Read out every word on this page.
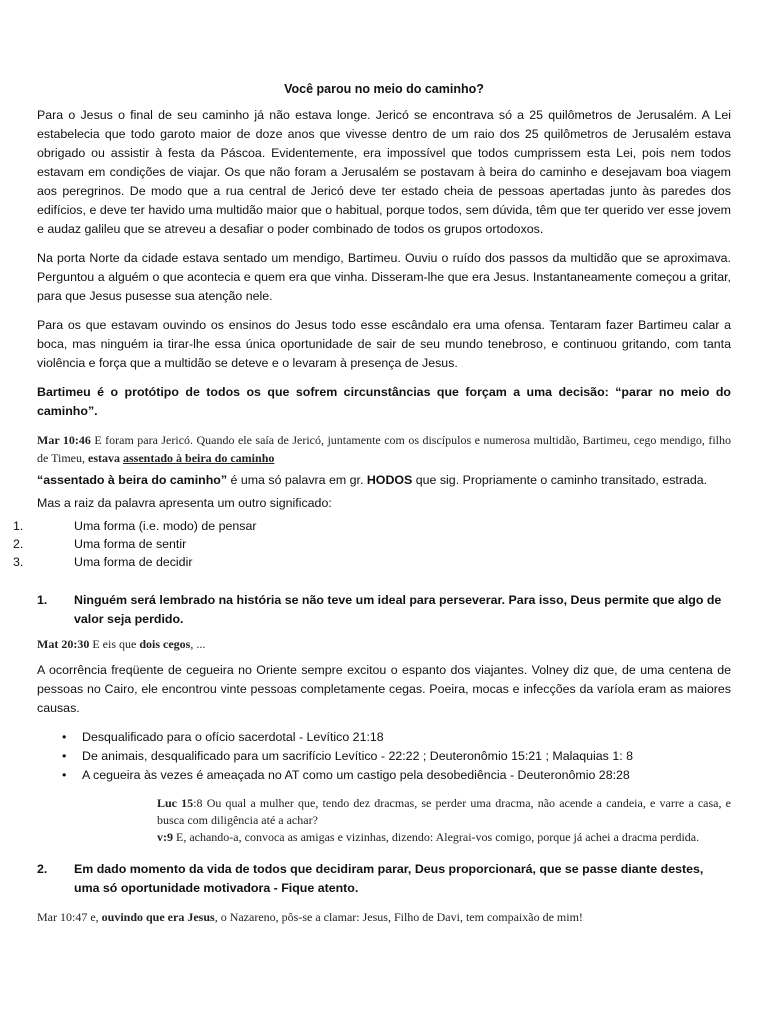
Você parou no meio do caminho?

Para o Jesus o final de seu caminho já não estava longe. Jericó se encontrava só a 25 quilômetros de Jerusalém. A Lei estabelecia que todo garoto maior de doze anos que vivesse dentro de um raio dos 25 quilômetros de Jerusalém estava obrigado ou assistir à festa da Páscoa. Evidentemente, era impossível que todos cumprissem esta Lei, pois nem todos estavam em condições de viajar. Os que não foram a Jerusalém se postavam à beira do caminho e desejavam boa viagem aos peregrinos. De modo que a rua central de Jericó deve ter estado cheia de pessoas apertadas junto às paredes dos edifícios, e deve ter havido uma multidão maior que o habitual, porque todos, sem dúvida, têm que ter querido ver esse jovem e audaz galileu que se atreveu a desafiar o poder combinado de todos os grupos ortodoxos.

Na porta Norte da cidade estava sentado um mendigo, Bartimeu. Ouviu o ruído dos passos da multidão que se aproximava. Perguntou a alguém o que acontecia e quem era que vinha. Disseram-lhe que era Jesus. Instantaneamente começou a gritar, para que Jesus pusesse sua atenção nele.

Para os que estavam ouvindo os ensinos do Jesus todo esse escândalo era uma ofensa. Tentaram fazer Bartimeu calar a boca, mas ninguém ia tirar-lhe essa única oportunidade de sair de seu mundo tenebroso, e continuou gritando, com tanta violência e força que a multidão se deteve e o levaram à presença de Jesus.

Bartimeu é o protótipo de todos os que sofrem circunstâncias que forçam a uma decisão: “parar no meio do caminho”.

Mar 10:46 E foram para Jericó. Quando ele saía de Jericó, juntamente com os discípulos e numerosa multidão, Bartimeu, cego mendigo, filho de Timeu, estava assentado à beira do caminho

“assentado à beira do caminho” é uma só palavra em gr. HODOS que sig. Propriamente o caminho transitado, estrada.

Mas a raiz da palavra apresenta um outro significado:

1.	Uma forma (i.e. modo) de pensar
2.	Uma forma de sentir
3.	Uma forma de decidir
1. Ninguém será lembrado na história se não teve um ideal para perseverar. Para isso, Deus permite que algo de valor seja perdido.

Mat 20:30 E eis que dois cegos, ...

A ocorrência freqüente de cegueira no Oriente sempre excitou o espanto dos viajantes. Volney diz que, de uma centena de pessoas no Cairo, ele encontrou vinte pessoas completamente cegas. Poeira, mocas e infecções da varíola eram as maiores causas.

• Desqualificado para o ofício sacerdotal - Levítico 21:18
• De animais, desqualificado para um sacrifício Levítico - 22:22 ; Deuteronômio 15:21 ; Malaquias 1: 8
• A cegueira às vezes é ameaçada no AT como um castigo pela desobediência - Deuteronômio 28:28
Luc 15:8 Ou qual a mulher que, tendo dez dracmas, se perder uma dracma, não acende a candeia, e varre a casa, e busca com diligência até a achar?
v:9 E, achando-a, convoca as amigas e vizinhas, dizendo: Alegrai-vos comigo, porque já achei a dracma perdida.
2. Em dado momento da vida de todos que decidiram parar, Deus proporcionará, que se passe diante destes, uma só oportunidade motivadora - Fique atento.

Mar 10:47 e, ouvindo que era Jesus, o Nazareno, pôs-se a clamar: Jesus, Filho de Davi, tem compaixão de mim!
